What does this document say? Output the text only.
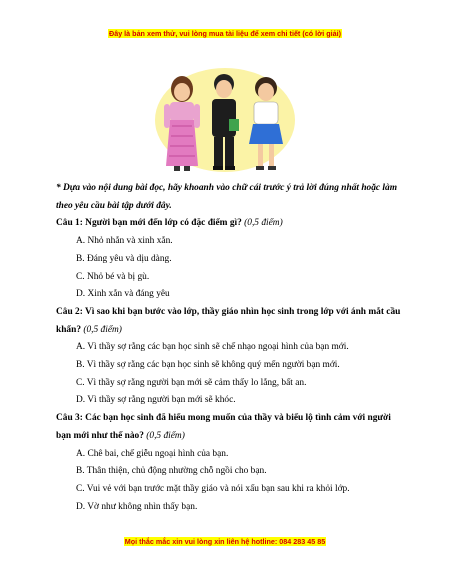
Đây là bản xem thử, vui lòng mua tài liệu để xem chi tiết (có lời giải)

* Dựa vào nội dung bài đọc, hãy khoanh vào chữ cái trước ý trả lời đúng nhất hoặc làm theo yêu cầu bài tập dưới đây.

Câu 1: Người bạn mới đến lớp có đặc điểm gì? (0,5 điểm)

A. Nhỏ nhắn và xinh xắn.

B. Đáng yêu và dịu dàng.

C. Nhỏ bé và bị gù.

D. Xinh xắn và đáng yêu

Câu 2: Vì sao khi bạn bước vào lớp, thầy giáo nhìn học sinh trong lớp với ánh mắt cầu khẩn? (0,5 điểm)

A. Vì thầy sợ rằng các bạn học sinh sẽ chế nhạo ngoại hình của bạn mới.

B. Vì thầy sợ rằng các bạn học sinh sẽ không quý mến người bạn mới.

C. Vì thầy sợ rằng người bạn mới sẽ cảm thấy lo lắng, bất an.

D. Vì thầy sợ rằng người bạn mới sẽ khóc.

Câu 3: Các bạn học sinh đã hiểu mong muốn của thầy và biểu lộ tình cảm với người bạn mới như thế nào? (0,5 điểm)

A. Chê bai, chế giễu ngoại hình của bạn.

B. Thân thiện, chủ động nhường chỗ ngồi cho bạn.

C. Vui vẻ với bạn trước mặt thầy giáo và nói xấu bạn sau khi ra khỏi lớp.

D. Vờ như không nhìn thấy bạn.

Mọi thắc mắc xin vui lòng xin liên hệ hotline: 084 283 45 85
